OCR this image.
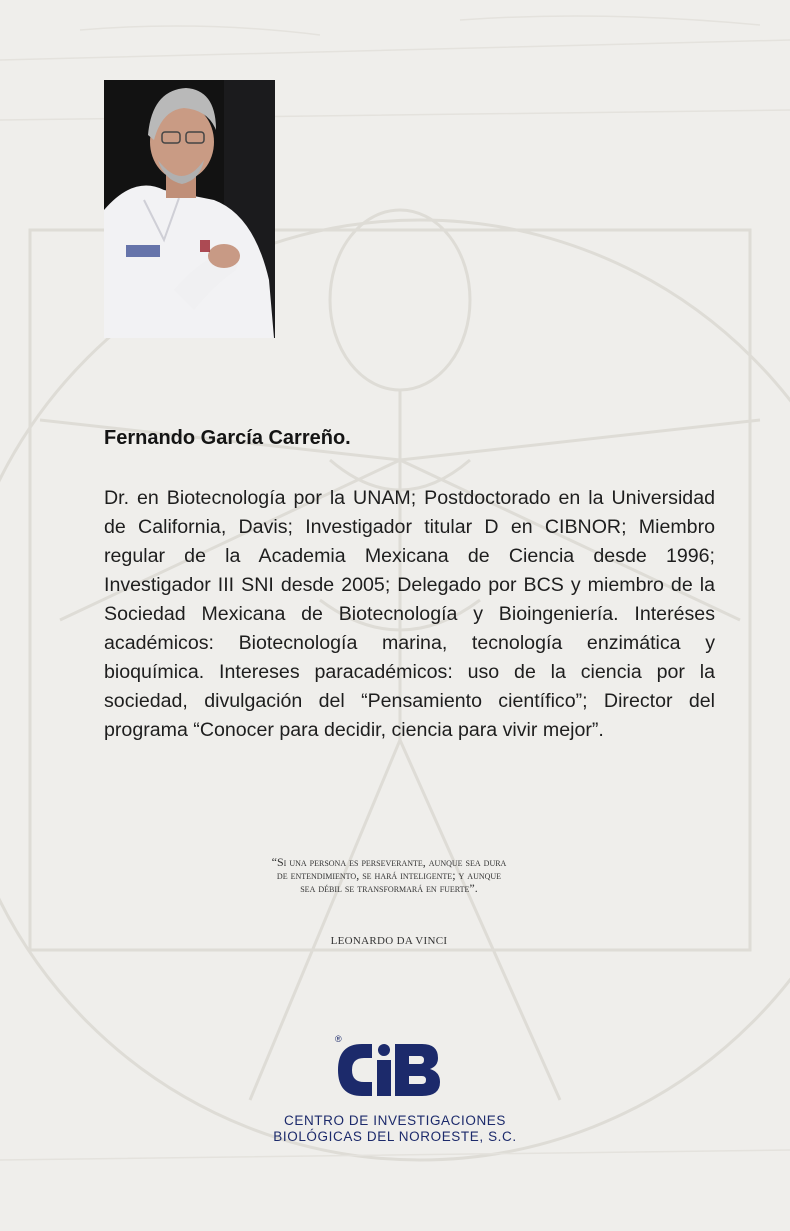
Fernando García Carreño.

Dr. en Biotecnología por la UNAM; Postdoctorado en la Universidad de California, Davis; Investigador titular D en CIBNOR; Miembro regular de la Academia Mexicana de Ciencia desde 1996; Investigador III SNI desde 2005; Delegado por BCS y miembro de la Sociedad Mexicana de Biotecnología y Bioingeniería. Interéses académicos: Biotecnología marina, tecnología enzimática y bioquímica. Intereses paracadémicos: uso de la ciencia por la sociedad, divulgación del “Pensamiento científico”; Director del programa “Conocer para decidir, ciencia para vivir mejor”.

“Si una persona es perseverante, aunque sea dura de entendimiento, se hará inteligente; y aunque sea débil se transformará en fuerte”.

LEONARDO DA VINCI

®

CENTRO DE INVESTIGACIONES

BIOLÓGICAS DEL NOROESTE, S.C.
